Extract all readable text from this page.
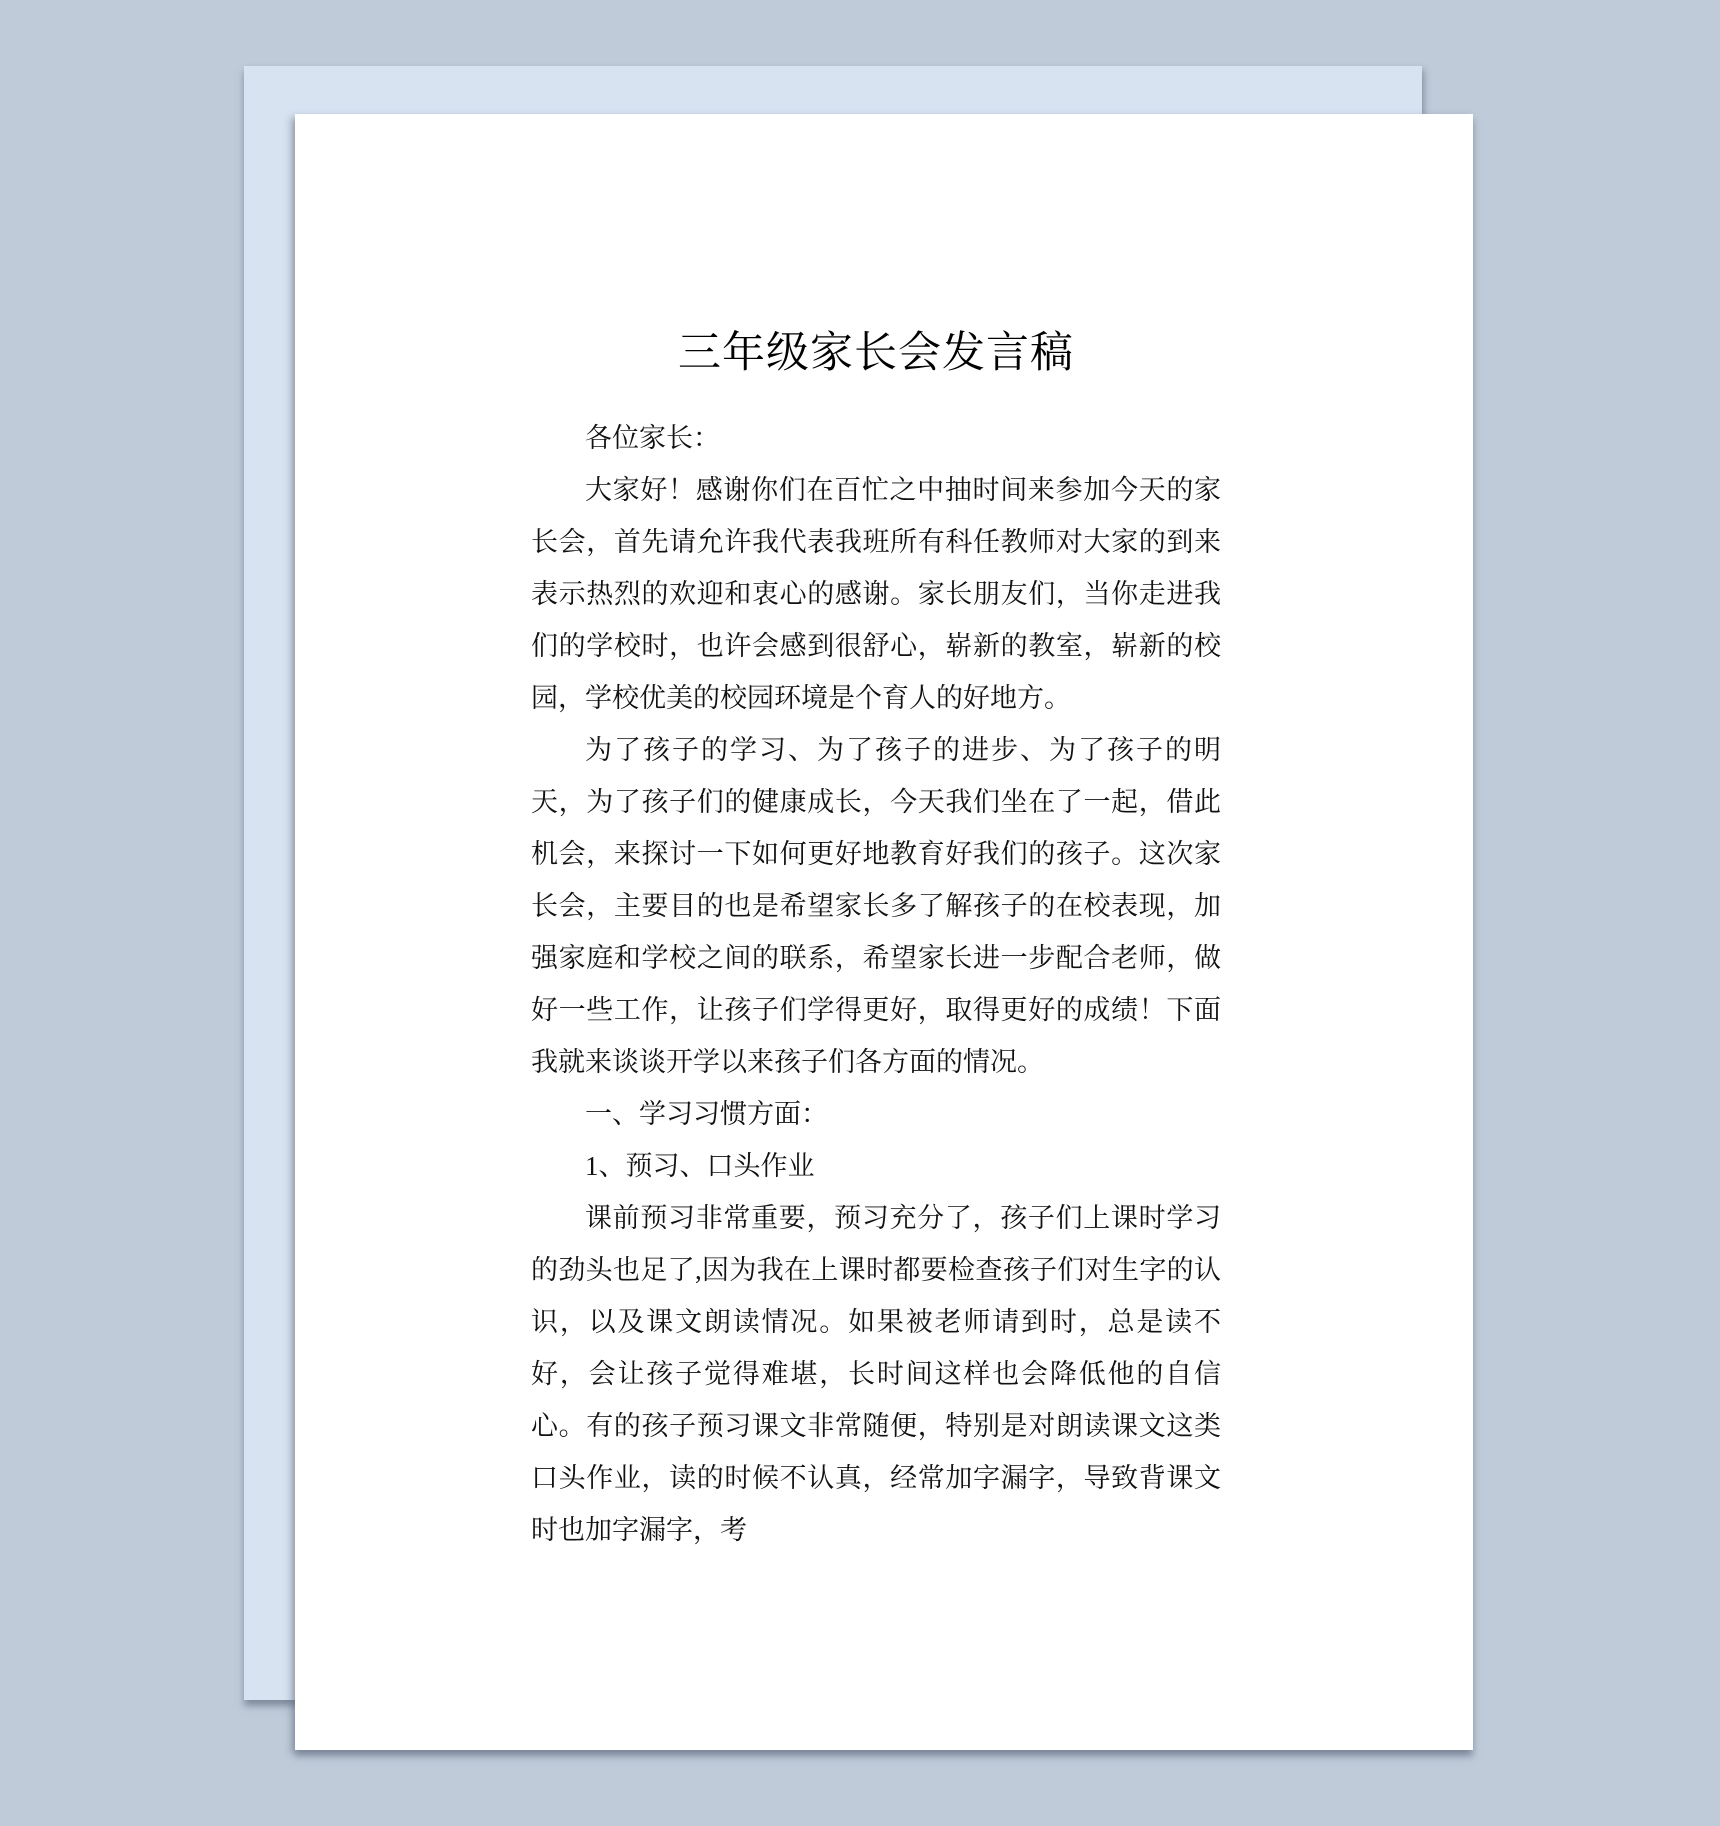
三年级家长会发言稿

各位家长：

大家好！感谢你们在百忙之中抽时间来参加今天的家长会，首先请允许我代表我班所有科任教师对大家的到来表示热烈的欢迎和衷心的感谢。家长朋友们，当你走进我们的学校时，也许会感到很舒心，崭新的教室，崭新的校园，学校优美的校园环境是个育人的好地方。

为了孩子的学习、为了孩子的进步、为了孩子的明天，为了孩子们的健康成长，今天我们坐在了一起，借此机会，来探讨一下如何更好地教育好我们的孩子。这次家长会，主要目的也是希望家长多了解孩子的在校表现，加强家庭和学校之间的联系，希望家长进一步配合老师，做好一些工作，让孩子们学得更好，取得更好的成绩！下面我就来谈谈开学以来孩子们各方面的情况。

一、学习习惯方面：

1、预习、口头作业

课前预习非常重要，预习充分了，孩子们上课时学习的劲头也足了,因为我在上课时都要检查孩子们对生字的认识，以及课文朗读情况。如果被老师请到时，总是读不好，会让孩子觉得难堪，长时间这样也会降低他的自信心。有的孩子预习课文非常随便，特别是对朗读课文这类口头作业，读的时候不认真，经常加字漏字，导致背课文时也加字漏字，考
